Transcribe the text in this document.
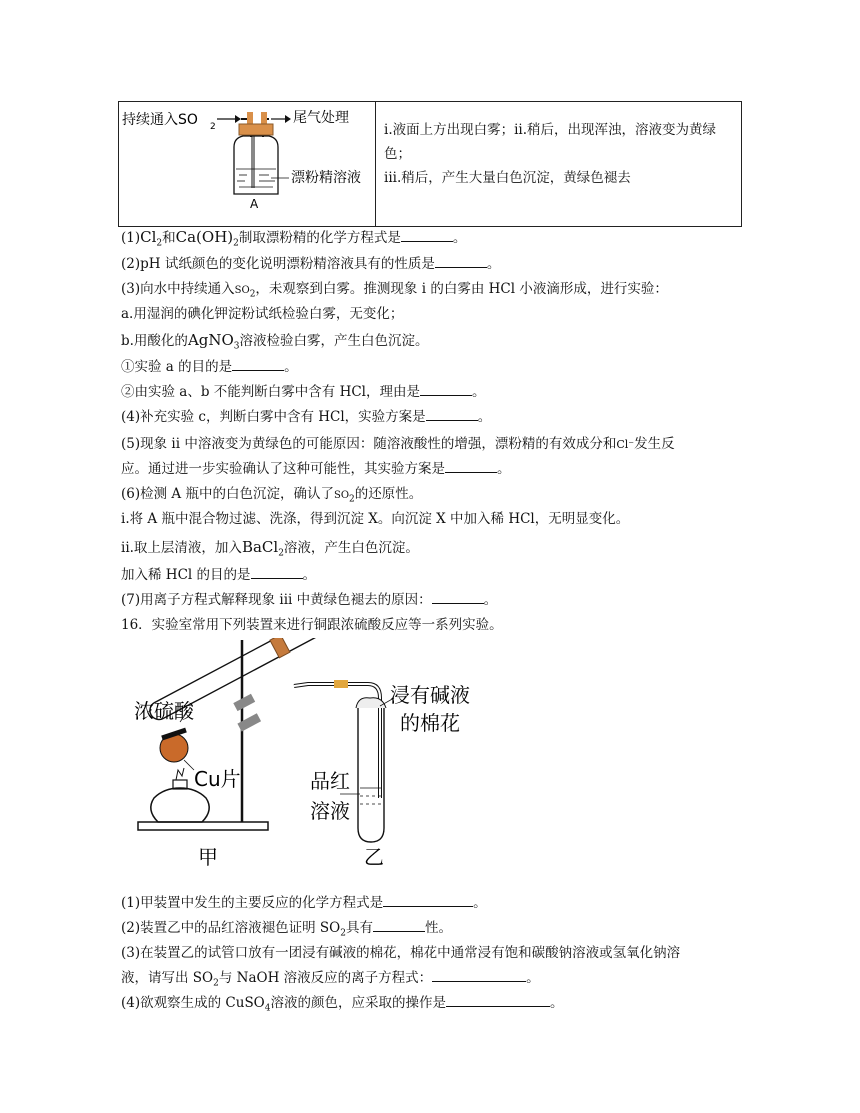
持续通入SO 2
尾气处理
漂粉精溶液
A

i.液面上方出现白雾；ii.稍后，出现浑浊，溶液变为黄绿色；
iii.稍后，产生大量白色沉淀，黄绿色褪去
$(1)Cl_2$和$Ca(OH)_2$制取漂粉精的化学方程式是	。
(2)pH 试纸颜色的变化说明漂粉精溶液具有的性质是	。
(3)向水中持续通入$SO_2$，未观察到白雾。推测现象 i 的白雾由 HCl 小液滴形成，进行实验：
a.用湿润的碘化钾淀粉试纸检验白雾，无变化；
b.用酸化的AgNO$_3$溶液检验白雾，产生白色沉淀。
①实验 a 的目的是	。
②由实验 a、b 不能判断白雾中含有 HCl，理由是	。
(4)补充实验 c，判断白雾中含有 HCl，实验方案是	。
(5)现象 ii 中溶液变为黄绿色的可能原因：随溶液酸性的增强，漂粉精的有效成分和Cl⁻发生反
应。通过进一步实验确认了这种可能性，其实验方案是	。
(6)检测 A 瓶中的白色沉淀，确认了$SO_2$的还原性。
i.将 A 瓶中混合物过滤、洗涤，得到沉淀 X。向沉淀 X 中加入稀 HCl，无明显变化。
ii.取上层清液，加入BaCl$_2$溶液，产生白色沉淀。
加入稀 HCl 的目的是	。
(7)用离子方程式解释现象 iii 中黄绿色褪去的原因：	。
16．实验室常用下列装置来进行铜跟浓硫酸反应等一系列实验。
浓硫酸
Cu片
浸有碱液
的棉花
品红
溶液
甲	乙
(1)甲装置中发生的主要反应的化学方程式是	。
(2)装置乙中的品红溶液褪色证明 $SO_2$具有	性。
(3)在装置乙的试管口放有一团浸有碱液的棉花，棉花中通常浸有饱和碳酸钠溶液或氢氧化钠溶
液，请写出 $SO_2$与 NaOH 溶液反应的离子方程式：	。
(4)欲观察生成的 CuSO$_4$溶液的颜色，应采取的操作是	。
